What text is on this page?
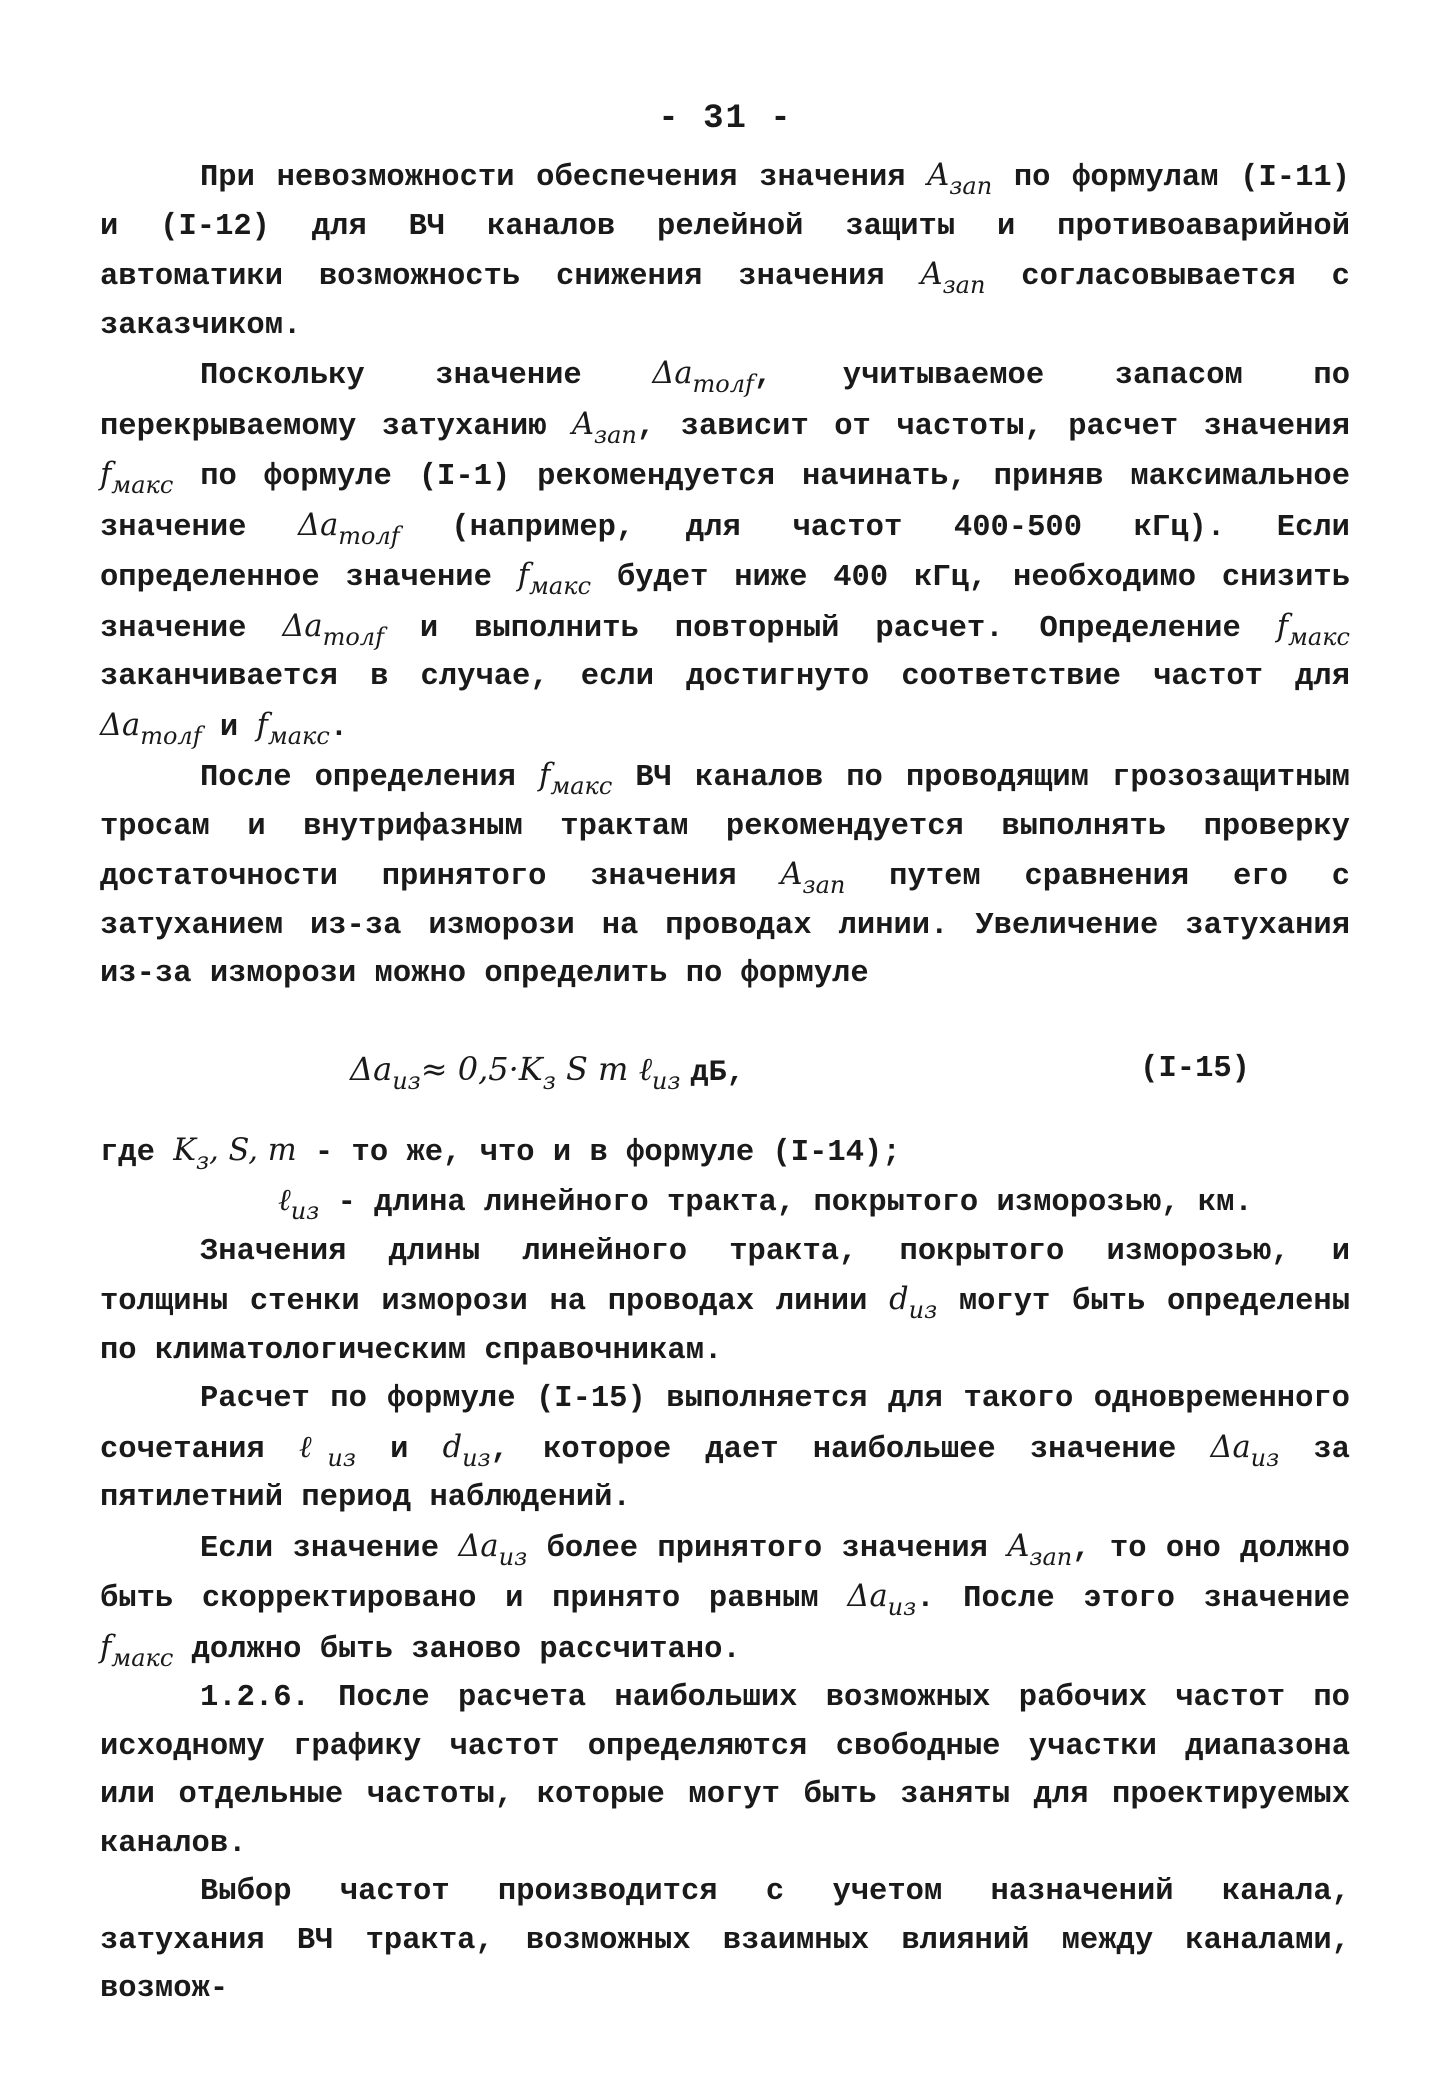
- 31 -

При невозможности обеспечения значения $A_{зап}$ по формулам (I-11) и (I-12) для ВЧ каналов релейной защиты и противоаварийной автоматики возможность снижения значения $A_{зап}$ согласовывается с заказчиком.

Поскольку значение $\Delta a_{толf}$, учитываемое запасом по перекрываемому затуханию $A_{зап}$, зависит от частоты, расчет значения $f_{макс}$ по формуле (I-1) рекомендуется начинать, приняв максимальное значение $\Delta a_{толf}$ (например, для частот 400-500 кГц). Если определенное значение $f_{макс}$ будет ниже 400 кГц, необходимо снизить значение $\Delta a_{толf}$ и выполнить повторный расчет. Определение $f_{макс}$ заканчивается в случае, если достигнуто соответствие частот для $\Delta a_{толf}$ и $f_{макс}$.

После определения $f_{макс}$ ВЧ каналов по проводящим грозозащитным тросам и внутрифазным трактам рекомендуется выполнять проверку достаточности принятого значения $A_{зап}$ путем сравнения его с затуханием из-за изморози на проводах линии. Увеличение затухания из-за изморози можно определить по формуле

$\Delta a_{из}\approx 0,5\cdot K_з$ S m ℓ$_{из}$ дБ,	(I-15)

где $K_з$, S, m - то же, что и в формуле (I-14);

ℓ$_{из}$ - длина линейного тракта, покрытого изморозью, км.

Значения длины линейного тракта, покрытого изморозью, и толщины стенки изморози на проводах линии $d_{из}$ могут быть определены по климатологическим справочникам.

Расчет по формуле (I-15) выполняется для такого одновременного сочетания ℓ$_{из}$ и $d_{из}$, которое дает наибольшее значение $\Delta a_{из}$ за пятилетний период наблюдений.

Если значение $\Delta a_{из}$ более принятого значения $A_{зап}$, то оно должно быть скорректировано и принято равным $\Delta a_{из}$. После этого значение $f_{макс}$ должно быть заново рассчитано.

1.2.6. После расчета наибольших возможных рабочих частот по исходному графику частот определяются свободные участки диапазона или отдельные частоты, которые могут быть заняты для проектируемых каналов.

Выбор частот производится с учетом назначений канала, затухания ВЧ тракта, возможных взаимных влияний между каналами, возмож-
